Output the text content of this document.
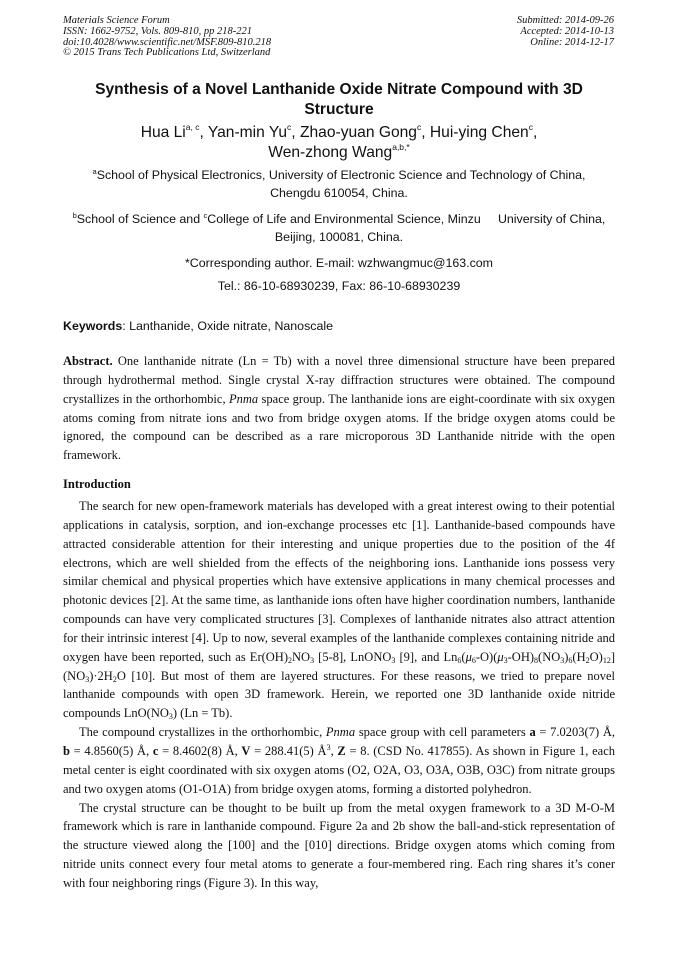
Materials Science Forum
ISSN: 1662-9752, Vols. 809-810, pp 218-221
doi:10.4028/www.scientific.net/MSF.809-810.218
© 2015 Trans Tech Publications Ltd, Switzerland
Submitted: 2014-09-26
Accepted: 2014-10-13
Online: 2014-12-17
Synthesis of a Novel Lanthanide Oxide Nitrate Compound with 3D
Structure
Hua Li$^{a, c}$, Yan-min Yu$^c$, Zhao-yuan Gong$^c$, Hui-ying Chen$^c$,
Wen-zhong Wang$^{a,b,*}$
$^a$School of Physical Electronics, University of Electronic Science and Technology of China,
Chengdu 610054, China.
$^b$School of Science and $^c$College of Life and Environmental Science, Minzu University of China,
Beijing, 100081, China.
*Corresponding author. E-mail: wzhwangmuc@163.com
Tel.: 86-10-68930239, Fax: 86-10-68930239
Keywords: Lanthanide, Oxide nitrate, Nanoscale

Abstract. One lanthanide nitrate (Ln = Tb) with a novel three dimensional structure have been prepared through hydrothermal method. Single crystal X-ray diffraction structures were obtained. The compound crystallizes in the orthorhombic, Pnma space group. The lanthanide ions are eight-coordinate with six oxygen atoms coming from nitrate ions and two from bridge oxygen atoms. If the bridge oxygen atoms could be ignored, the compound can be described as a rare microporous 3D Lanthanide nitride with the open framework.

Introduction

The search for new open-framework materials has developed with a great interest owing to their potential applications in catalysis, sorption, and ion-exchange processes etc [1]. Lanthanide-based compounds have attracted considerable attention for their interesting and unique properties due to the position of the 4f electrons, which are well shielded from the effects of the neighboring ions. Lanthanide ions possess very similar chemical and physical properties which have extensive applications in many chemical processes and photonic devices [2]. At the same time, as lanthanide ions often have higher coordination numbers, lanthanide compounds can have very complicated structures [3]. Complexes of lanthanide nitrates also attract attention for their intrinsic interest [4]. Up to now, several examples of the lanthanide complexes containing nitride and oxygen have been reported, such as $Er(OH)_2NO_3$ [5-8], LnONO$_3$ [9], and $Ln_6(\mu_6-O)(\mu_3-OH)_8(NO_3)_6(H_2O)_{12}$] $(NO_3)\cdot 2H_2O$ [10]. But most of them are layered structures. For these reasons, we tried to prepare novel lanthanide compounds with open 3D framework. Herein, we reported one 3D lanthanide oxide nitride compounds $LnO(NO_3) (Ln = Tb)$.

The compound crystallizes in the orthorhombic, Pnma space group with cell parameters a = 7.0203(7) Å, b = 4.8560(5) Å, c = 8.4602(8) Å, V = 288.41(5) $Å^3$, Z = 8. (CSD No. 417855). As shown in Figure 1, each metal center is eight coordinated with six oxygen atoms (O2, O2A, O3, O3A, O3B, O3C) from nitrate groups and two oxygen atoms (O1-O1A) from bridge oxygen atoms, forming a distorted polyhedron.

The crystal structure can be thought to be built up from the metal oxygen framework to a 3D M-O-M framework which is rare in lanthanide compound. Figure 2a and 2b show the ball-and-stick representation of the structure viewed along the [100] and the [010] directions. Bridge oxygen atoms which coming from nitride units connect every four metal atoms to generate a four-membered ring. Each ring shares it’s coner with four neighboring rings (Figure 3). In this way,
